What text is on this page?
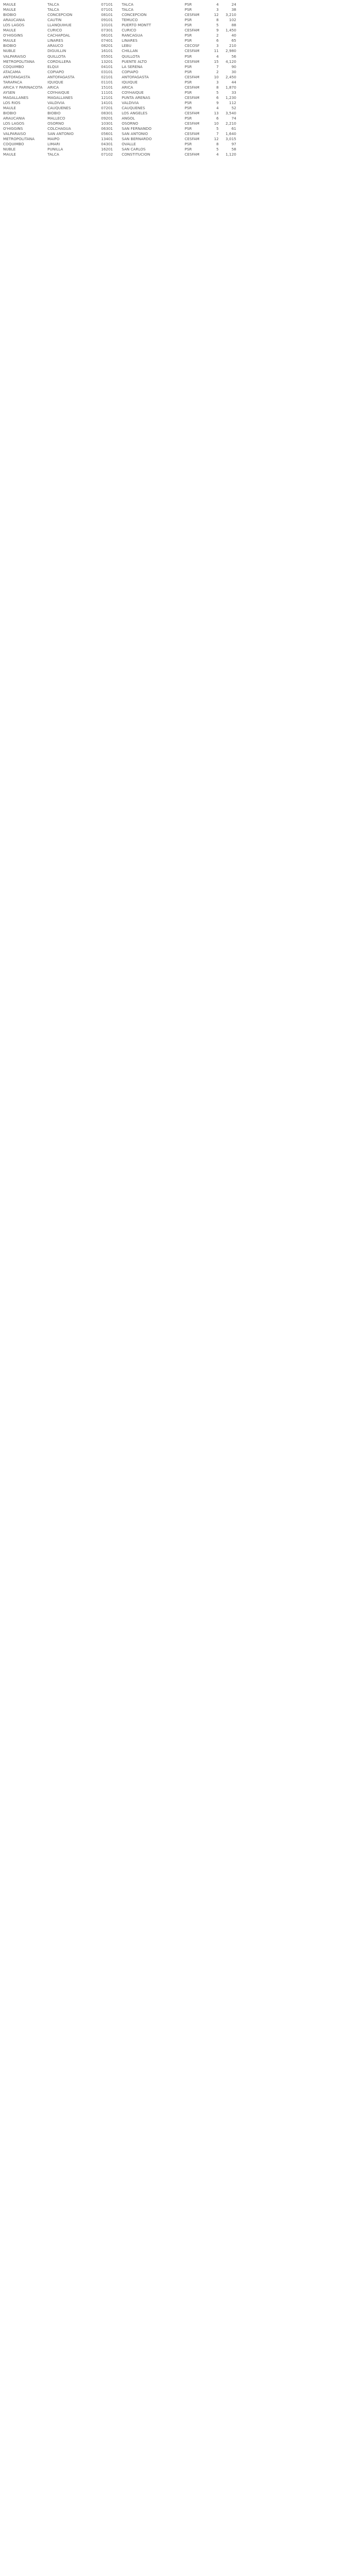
MAULE	TALCA	07101	TALCA	PSR	4	24
MAULE	TALCA	07101	TALCA	PSR	3	38
BIOBIO	CONCEPCION	08101	CONCEPCION	CESFAM	12	3,210
ARAUCANIA	CAUTIN	09101	TEMUCO	PSR	8	102
LOS LAGOS	LLANQUIHUE	10101	PUERTO MONTT	PSR	5	88
MAULE	CURICO	07301	CURICO	CESFAM	9	1,450
O'HIGGINS	CACHAPOAL	06101	RANCAGUA	PSR	2	40
MAULE	LINARES	07401	LINARES	PSR	6	65
BIOBIO	ARAUCO	08201	LEBU	CECOSF	3	210
NUBLE	DIGUILLIN	16101	CHILLAN	CESFAM	11	2,980
VALPARAISO	QUILLOTA	05501	QUILLOTA	PSR	4	56
METROPOLITANA	CORDILLERA	13201	PUENTE ALTO	CESFAM	15	4,120
COQUIMBO	ELQUI	04101	LA SERENA	PSR	7	90
ATACAMA	COPIAPO	03101	COPIAPO	PSR	2	30
ANTOFAGASTA	ANTOFAGASTA	02101	ANTOFAGASTA	CESFAM	10	2,450
TARAPACA	IQUIQUE	01101	IQUIQUE	PSR	3	44
ARICA Y PARINACOTA	ARICA	15101	ARICA	CESFAM	8	1,870
AYSEN	COYHAIQUE	11101	COYHAIQUE	PSR	5	33
MAGALLANES	MAGALLANES	12101	PUNTA ARENAS	CESFAM	6	1,230
LOS RIOS	VALDIVIA	14101	VALDIVIA	PSR	9	112
MAULE	CAUQUENES	07201	CAUQUENES	PSR	4	52
BIOBIO	BIOBIO	08301	LOS ANGELES	CESFAM	13	3,540
ARAUCANIA	MALLECO	09201	ANGOL	PSR	6	74
LOS LAGOS	OSORNO	10301	OSORNO	CESFAM	10	2,210
O'HIGGINS	COLCHAGUA	06301	SAN FERNANDO	PSR	5	61
VALPARAISO	SAN ANTONIO	05601	SAN ANTONIO	CESFAM	7	1,640
METROPOLITANA	MAIPO	13401	SAN BERNARDO	CESFAM	12	3,015
COQUIMBO	LIMARI	04301	OVALLE	PSR	8	97
NUBLE	PUNILLA	16201	SAN CARLOS	PSR	5	58
MAULE	TALCA	07102	CONSTITUCION	CESFAM	4	1,120
